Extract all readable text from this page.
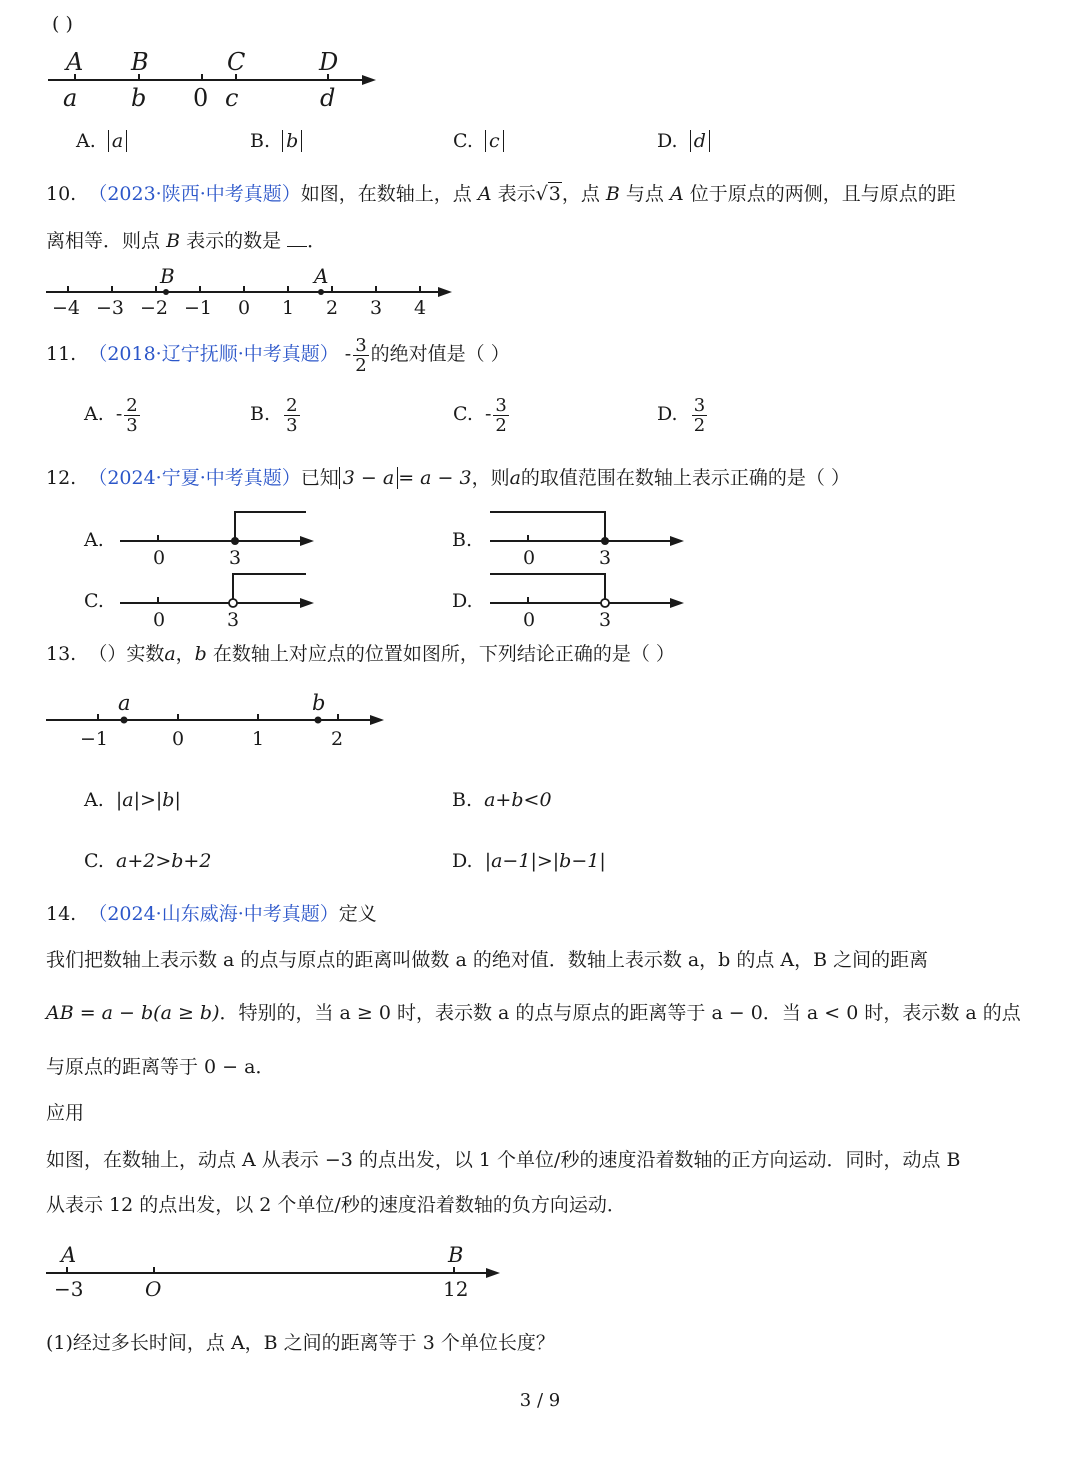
( )
A B	C	D
a b 0 c	d
A. a	B. b	C. c	D. d
10. （2023·陕西·中考真题）如图，在数轴上，点 A 表示√3，点 B 与点 A 位于原点的两侧，且与原点的距
离相等．则点 B 表示的数是 ．
B	A
−4 −3 −2 −1 0 1 2 3 4
11. （2018·辽宁抚顺·中考真题） - $\frac{3}{2}$ 的绝对值是（ ）
A. - $\frac{2}{3}$	B. $\frac{2}{3}$	C. - $\frac{3}{2}$	D. $\frac{3}{2}$
12. （2024·宁夏·中考真题）已知 3 − a = a − 3，则a的取值范围在数轴上表示正确的是（ ）
A.
0	3
B.
0	3
C.
0	3
D.
0	3
13. （）实数a，b 在数轴上对应点的位置如图所，下列结论正确的是（ ）
a	b
−1	0	1	2
A. |a|>|b|	B. a+b<0
C. a+2>b+2	D. |a−1|>|b−1|
14. （2024·山东威海·中考真题）定义
我们把数轴上表示数 a 的点与原点的距离叫做数 a 的绝对值．数轴上表示数 a，b 的点 A，B 之间的距离
AB = a − b(a ≥ b)．特别的，当 a ≥ 0 时，表示数 a 的点与原点的距离等于 a − 0．当 a < 0 时，表示数 a 的点
与原点的距离等于 0 − a．
应用
如图，在数轴上，动点 A 从表示 −3 的点出发，以 1 个单位/秒的速度沿着数轴的正方向运动．同时，动点 B
从表示 12 的点出发，以 2 个单位/秒的速度沿着数轴的负方向运动．
A	B
−3	O	12
(1)经过多长时间，点 A，B 之间的距离等于 3 个单位长度？
3 / 9
